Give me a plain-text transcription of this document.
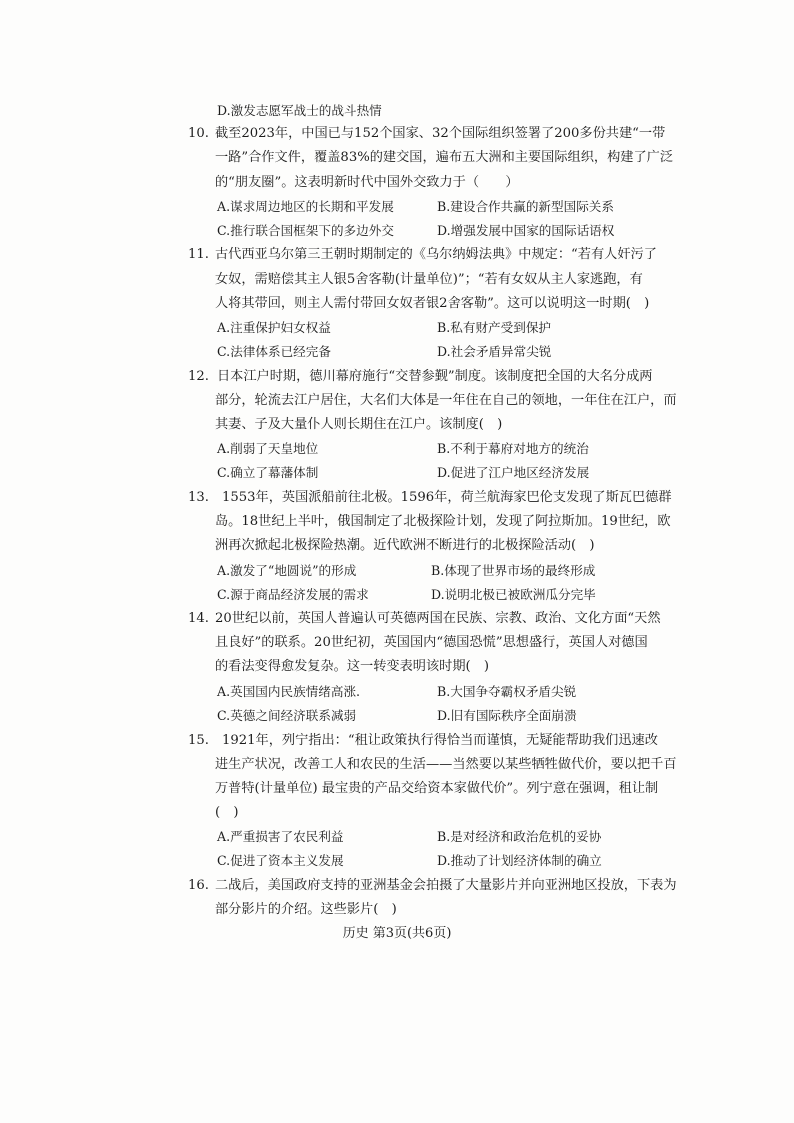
D.激发志愿军战士的战斗热情
10. 截至2023年，中国已与152个国家、32个国际组织签署了200多份共建“一带
一路”合作文件，覆盖83%的建交国，遍布五大洲和主要国际组织，构建了广泛
的“朋友圈”。这表明新时代中国外交致力于（　　）
A.谋求周边地区的长期和平发展	B.建设合作共赢的新型国际关系
C.推行联合国框架下的多边外交	D.增强发展中国家的国际话语权
11. 古代西亚乌尔第三王朝时期制定的《乌尔纳姆法典》中规定：“若有人奸污了
女奴，需赔偿其主人银5舍客勒(计量单位)”；“若有女奴从主人家逃跑，有
人将其带回，则主人需付带回女奴者银2舍客勒”。这可以说明这一时期(　)
A.注重保护妇女权益	B.私有财产受到保护
C.法律体系已经完备	D.社会矛盾异常尖锐
12. 日本江户时期，德川幕府施行“交替参觐”制度。该制度把全国的大名分成两
部分，轮流去江户居住，大名们大体是一年住在自己的领地，一年住在江户，而
其妻、子及大量仆人则长期住在江户。该制度(　)
A.削弱了天皇地位	B.不利于幕府对地方的统治
C.确立了幕藩体制	D.促进了江户地区经济发展
13. 1553年，英国派船前往北极。1596年，荷兰航海家巴伦支发现了斯瓦巴德群
岛。18世纪上半叶，俄国制定了北极探险计划，发现了阿拉斯加。19世纪，欧
洲再次掀起北极探险热潮。近代欧洲不断进行的北极探险活动(　)
A.激发了“地圆说”的形成	B.体现了世界市场的最终形成
C.源于商品经济发展的需求	D.说明北极已被欧洲瓜分完毕
14. 20世纪以前，英国人普遍认可英德两国在民族、宗教、政治、文化方面“天然
且良好”的联系。20世纪初，英国国内“德国恐慌”思想盛行，英国人对德国
的看法变得愈发复杂。这一转变表明该时期(　)
A.英国国内民族情绪高涨.	B.大国争夺霸权矛盾尖锐
C.英德之间经济联系减弱	D.旧有国际秩序全面崩溃
15. 1921年，列宁指出：“租让政策执行得恰当而谨慎，无疑能帮助我们迅速改
进生产状况，改善工人和农民的生活——当然要以某些牺牲做代价，要以把千百
万普特(计量单位) 最宝贵的产品交给资本家做代价”。列宁意在强调，租让制
(　)
A.严重损害了农民利益	B.是对经济和政治危机的妥协
C.促进了资本主义发展	D.推动了计划经济体制的确立
16. 二战后，美国政府支持的亚洲基金会拍摄了大量影片并向亚洲地区投放，下表为
部分影片的介绍。这些影片(　)
历史 第3页(共6页)
